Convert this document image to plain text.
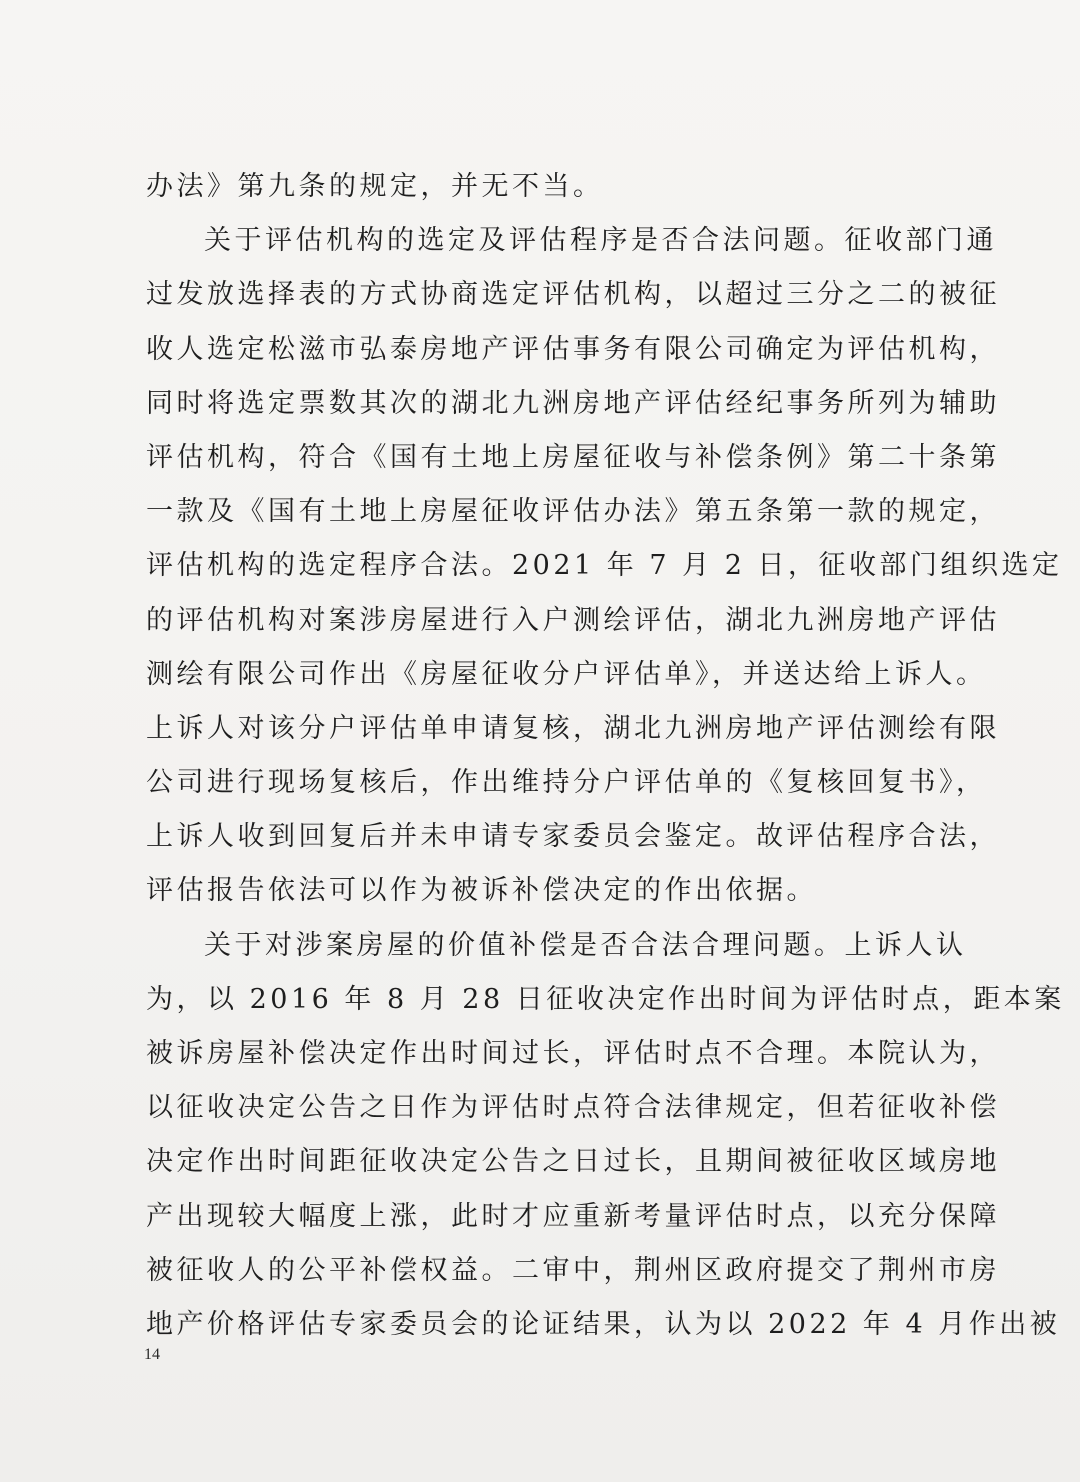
办法》第九条的规定，并无不当。
关于评估机构的选定及评估程序是否合法问题。征收部门通
过发放选择表的方式协商选定评估机构，以超过三分之二的被征
收人选定松滋市弘泰房地产评估事务有限公司确定为评估机构，
同时将选定票数其次的湖北九洲房地产评估经纪事务所列为辅助
评估机构，符合《国有土地上房屋征收与补偿条例》第二十条第
一款及《国有土地上房屋征收评估办法》第五条第一款的规定，
评估机构的选定程序合法。2021 年 7 月 2 日，征收部门组织选定
的评估机构对案涉房屋进行入户测绘评估，湖北九洲房地产评估
测绘有限公司作出《房屋征收分户评估单》，并送达给上诉人。
上诉人对该分户评估单申请复核，湖北九洲房地产评估测绘有限
公司进行现场复核后，作出维持分户评估单的《复核回复书》，
上诉人收到回复后并未申请专家委员会鉴定。故评估程序合法，
评估报告依法可以作为被诉补偿决定的作出依据。
关于对涉案房屋的价值补偿是否合法合理问题。上诉人认
为，以 2016 年 8 月 28 日征收决定作出时间为评估时点，距本案
被诉房屋补偿决定作出时间过长，评估时点不合理。本院认为，
以征收决定公告之日作为评估时点符合法律规定，但若征收补偿
决定作出时间距征收决定公告之日过长，且期间被征收区域房地
产出现较大幅度上涨，此时才应重新考量评估时点，以充分保障
被征收人的公平补偿权益。二审中，荆州区政府提交了荆州市房
地产价格评估专家委员会的论证结果，认为以 2022 年 4 月作出被
14
